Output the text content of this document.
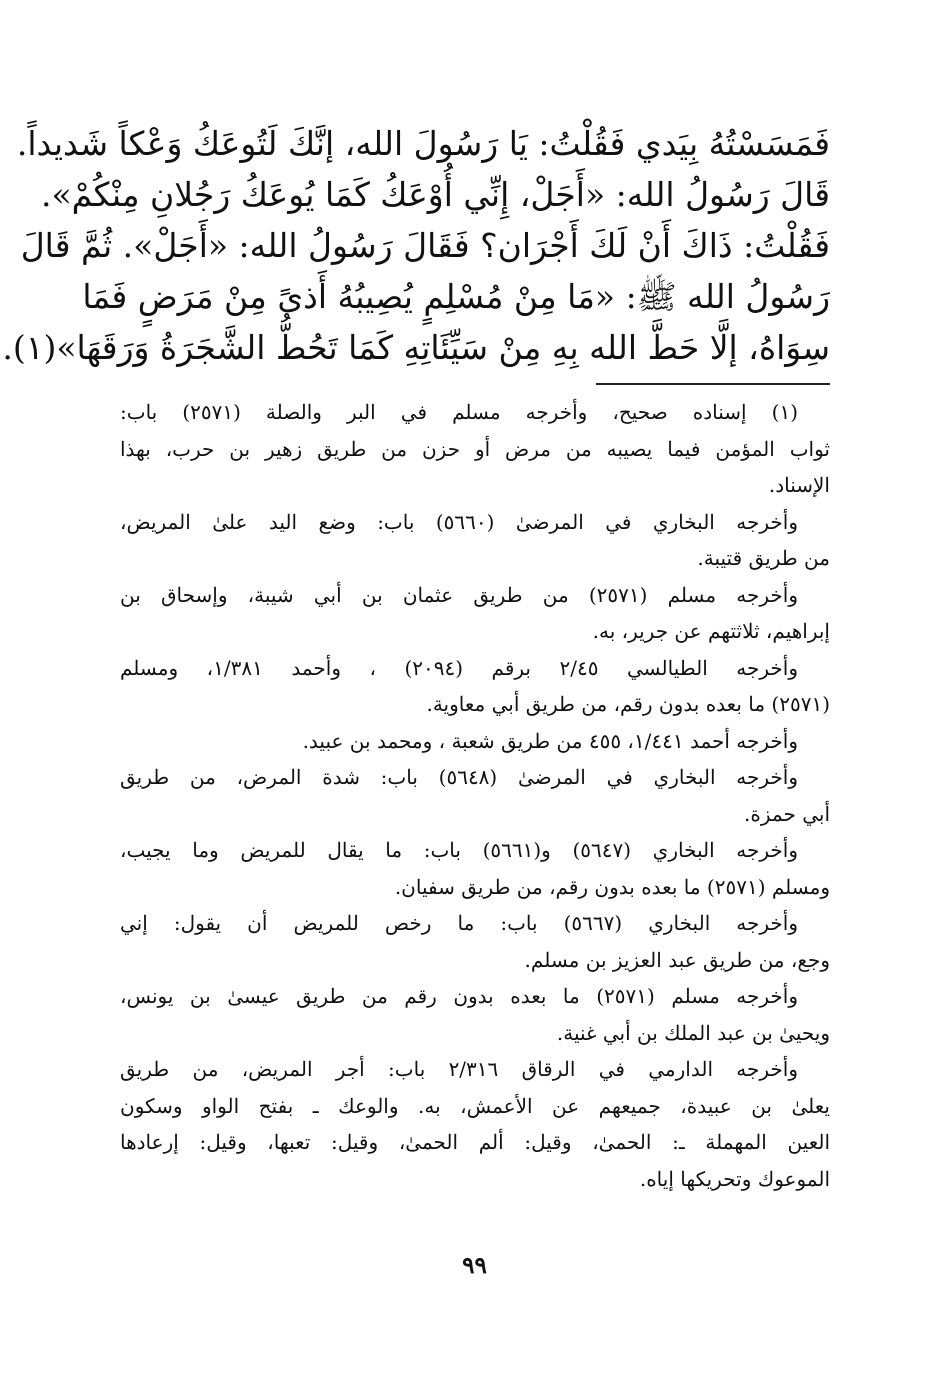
فَمَسَسْتُهُ بِيَدي فَقُلْتُ: يَا رَسُولَ الله، إنَّكَ لَتُوعَكُ وَعْكاً شَديداً.
قَالَ رَسُولُ الله: «أَجَلْ، إِنِّي أُوْعَكُ كَمَا يُوعَكُ رَجُلانِ مِنْكُمْ».
فَقُلْتُ: ذَاكَ أَنْ لَكَ أَجْرَان؟ فَقَالَ رَسُولُ الله: «أَجَلْ». ثُمَّ قَالَ
رَسُولُ الله ﷺ: «مَا مِنْ مُسْلِمٍ يُصِيبُهُ أَذىً مِنْ مَرَضٍ فَمَا
سِوَاهُ، إلَّا حَطَّ الله بِهِ مِنْ سَيِّئَاتِهِ كَمَا تَحُطُّ الشَّجَرَةُ وَرَقَهَا»(١).
(١) إسناده صحيح، وأخرجه مسلم في البر والصلة (٢٥٧١) باب:
ثواب المؤمن فيما يصيبه من مرض أو حزن من طريق زهير بن حرب، بهذا
الإسناد.
وأخرجه البخاري في المرضىٰ (٥٦٦٠) باب: وضع اليد علىٰ المريض،
من طريق قتيبة.
وأخرجه مسلم (٢٥٧١) من طريق عثمان بن أبي شيبة، وإسحاق بن
إبراهيم، ثلاثتهم عن جرير، به.
وأخرجه الطيالسي ٢/٤٥ برقم (٢٠٩٤) ، وأحمد ١/٣٨١، ومسلم
(٢٥٧١) ما بعده بدون رقم، من طريق أبي معاوية.
وأخرجه أحمد ١/٤٤١، ٤٥٥ من طريق شعبة ، ومحمد بن عبيد.
وأخرجه البخاري في المرضىٰ (٥٦٤٨) باب: شدة المرض، من طريق
أبي حمزة.
وأخرجه البخاري (٥٦٤٧) و(٥٦٦١) باب: ما يقال للمريض وما يجيب،
ومسلم (٢٥٧١) ما بعده بدون رقم، من طريق سفيان.
وأخرجه البخاري (٥٦٦٧) باب: ما رخص للمريض أن يقول: إني
وجع، من طريق عبد العزيز بن مسلم.
وأخرجه مسلم (٢٥٧١) ما بعده بدون رقم من طريق عيسىٰ بن يونس،
ويحيىٰ بن عبد الملك بن أبي غنية.
وأخرجه الدارمي في الرقاق ٢/٣١٦ باب: أجر المريض، من طريق
يعلىٰ بن عبيدة، جميعهم عن الأعمش، به. والوعك ـ بفتح الواو وسكون
العين المهملة ـ: الحمىٰ، وقيل: ألم الحمىٰ، وقيل: تعبها، وقيل: إرعادها
الموعوك وتحريكها إياه.
٩٩
